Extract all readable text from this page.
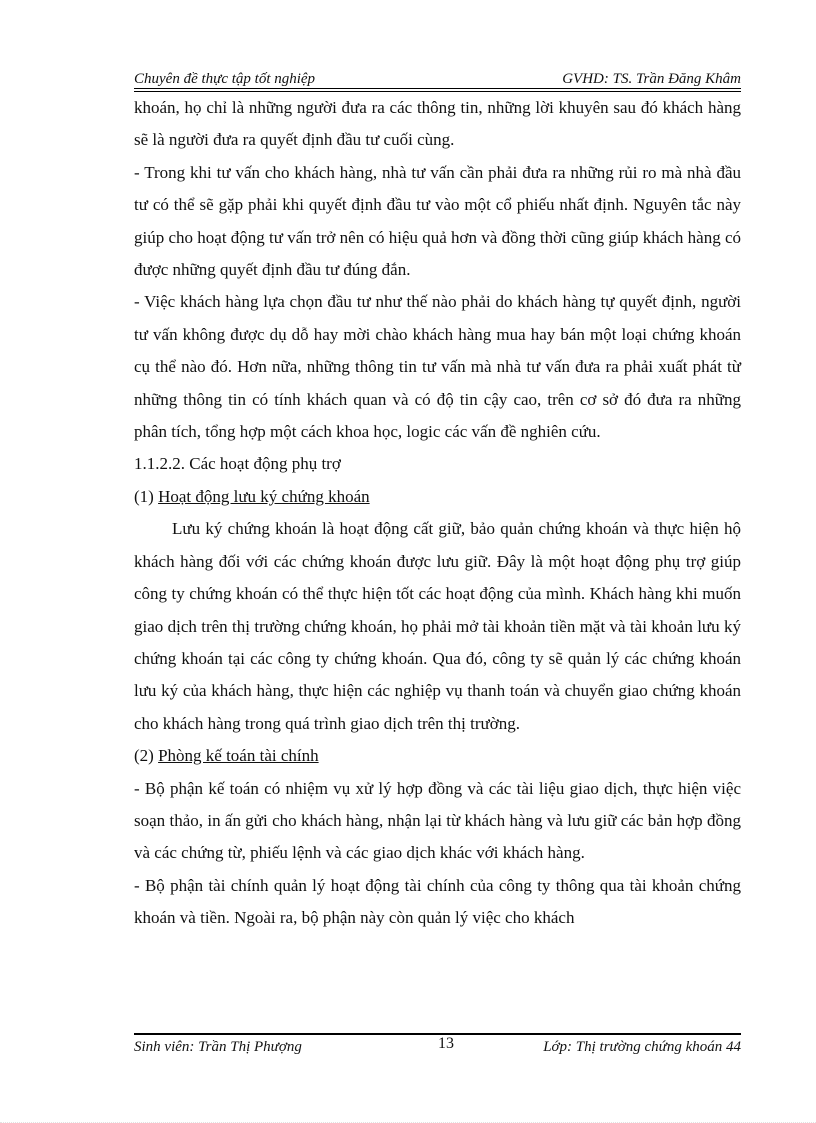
Chuyên đề thực tập tốt nghiệp	GVHD: TS. Trần Đăng Khâm

khoán, họ chỉ là những người đưa ra các thông tin, những lời khuyên sau đó khách hàng sẽ là người đưa ra quyết định đầu tư cuối cùng.

- Trong khi tư vấn cho khách hàng, nhà tư vấn cần phải đưa ra những rủi ro mà nhà đầu tư có thể sẽ gặp phải khi quyết định đầu tư vào một cổ phiếu nhất định. Nguyên tắc này giúp cho hoạt động tư vấn trở nên có hiệu quả hơn và đồng thời cũng giúp khách hàng có được những quyết định đầu tư đúng đắn.

- Việc khách hàng lựa chọn đầu tư như thế nào phải do khách hàng tự quyết định, người tư vấn không được dụ dỗ hay mời chào khách hàng mua hay bán một loại chứng khoán cụ thể nào đó. Hơn nữa, những thông tin tư vấn mà nhà tư vấn đưa ra phải xuất phát từ những thông tin có tính khách quan và có độ tin cậy cao, trên cơ sở đó đưa ra những phân tích, tổng hợp một cách khoa học, logic các vấn đề nghiên cứu.

1.1.2.2. Các hoạt động phụ trợ

(1) Hoạt động lưu ký chứng khoán

Lưu ký chứng khoán là hoạt động cất giữ, bảo quản chứng khoán và thực hiện hộ khách hàng đối với các chứng khoán được lưu giữ. Đây là một hoạt động phụ trợ giúp công ty chứng khoán có thể thực hiện tốt các hoạt động của mình. Khách hàng khi muốn giao dịch trên thị trường chứng khoán, họ phải mở tài khoản tiền mặt và tài khoản lưu ký chứng khoán tại các công ty chứng khoán. Qua đó, công ty sẽ quản lý các chứng khoán lưu ký của khách hàng, thực hiện các nghiệp vụ thanh toán và chuyển giao chứng khoán cho khách hàng trong quá trình giao dịch trên thị trường.

(2) Phòng kế toán tài chính

- Bộ phận kế toán có nhiệm vụ xử lý hợp đồng và các tài liệu giao dịch, thực hiện việc soạn thảo, in ấn gửi cho khách hàng, nhận lại từ khách hàng và lưu giữ các bản hợp đồng và các chứng từ, phiếu lệnh và các giao dịch khác với khách hàng.

- Bộ phận tài chính quản lý hoạt động tài chính của công ty thông qua tài khoản chứng khoán và tiền. Ngoài ra, bộ phận này còn quản lý việc cho khách

Sinh viên: Trần Thị Phượng	13	Lớp: Thị trường chứng khoán 44
